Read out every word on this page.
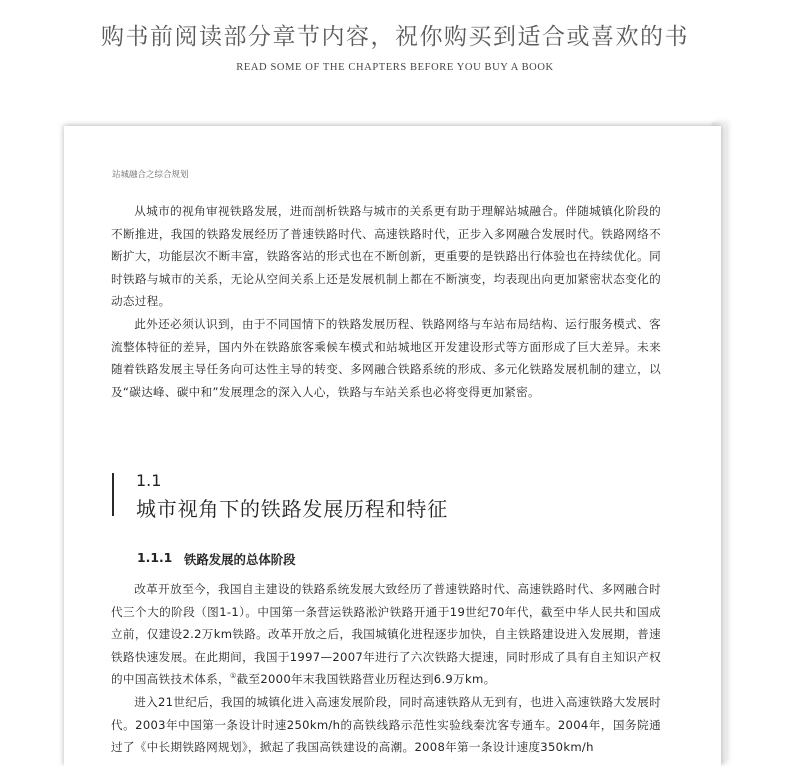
购书前阅读部分章节内容，祝你购买到适合或喜欢的书
READ SOME OF THE CHAPTERS BEFORE YOU BUY A BOOK
站城融合之综合规划

从城市的视角审视铁路发展，进而剖析铁路与城市的关系更有助于理解站城融合。伴随城镇化阶段的不断推进，我国的铁路发展经历了普速铁路时代、高速铁路时代，正步入多网融合发展时代。铁路网络不断扩大，功能层次不断丰富，铁路客站的形式也在不断创新，更重要的是铁路出行体验也在持续优化。同时铁路与城市的关系，无论从空间关系上还是发展机制上都在不断演变，均表现出向更加紧密状态变化的动态过程。

此外还必须认识到，由于不同国情下的铁路发展历程、铁路网络与车站布局结构、运行服务模式、客流整体特征的差异，国内外在铁路旅客乘候车模式和站城地区开发建设形式等方面形成了巨大差异。未来随着铁路发展主导任务向可达性主导的转变、多网融合铁路系统的形成、多元化铁路发展机制的建立，以及“碳达峰、碳中和”发展理念的深入人心，铁路与车站关系也必将变得更加紧密。

1.1
城市视角下的铁路发展历程和特征
1.1.1 铁路发展的总体阶段

改革开放至今，我国自主建设的铁路系统发展大致经历了普速铁路时代、高速铁路时代、多网融合时代三个大的阶段（图1-1）。中国第一条营运铁路淞沪铁路开通于19世纪70年代，截至中华人民共和国成立前，仅建设2.2万km铁路。改革开放之后，我国城镇化进程逐步加快，自主铁路建设进入发展期，普速铁路快速发展。在此期间，我国于1997—2007年进行了六次铁路大提速，同时形成了具有自主知识产权的中国高铁技术体系，①截至2000年末我国铁路营业历程达到6.9万km。

进入21世纪后，我国的城镇化进入高速发展阶段，同时高速铁路从无到有，也进入高速铁路大发展时代。2003年中国第一条设计时速250km/h的高铁线路示范性实验线秦沈客专通车。2004年，国务院通过了《中长期铁路网规划》，掀起了我国高铁建设的高潮。2008年第一条设计速度350km/h
